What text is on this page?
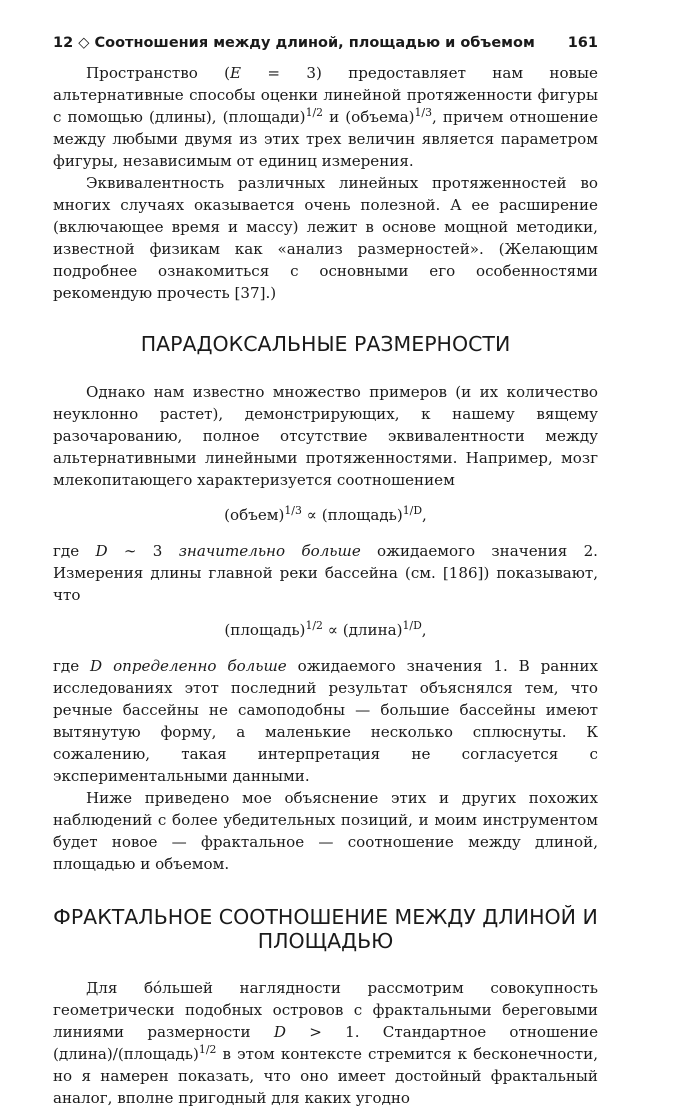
12 ◇ Соотношения между длиной, площадью и объемом 161

Пространство (E = 3) предоставляет нам новые альтернативные способы оценки линейной протяженности фигуры с помощью (длины), (площади)$^{1/2}$ и (объема)$^{1/3}$, причем отношение между любыми двумя из этих трех величин является параметром фигуры, независимым от единиц измерения.

Эквивалентность различных линейных протяженностей во многих случаях оказывается очень полезной. А ее расширение (включающее время и массу) лежит в основе мощной методики, известной физикам как «анализ размерностей». (Желающим подробнее ознакомиться с основными его особенностями рекомендую прочесть [37].)

ПАРАДОКСАЛЬНЫЕ РАЗМЕРНОСТИ

Однако нам известно множество примеров (и их количество неуклонно растет), демонстрирующих, к нашему вящему разочарованию, полное отсутствие эквивалентности между альтернативными линейными протяженностями. Например, мозг млекопитающего характеризуется соотношением

(объем)$^{1/3}$ ∝ (площадь)$^{1/D}$,

где D ∼ 3 значительно больше ожидаемого значения 2. Измерения длины главной реки бассейна (см. [186]) показывают, что

(площадь)$^{1/2}$ ∝ (длина)$^{1/D}$,

где D определенно больше ожидаемого значения 1. В ранних исследованиях этот последний результат объяснялся тем, что речные бассейны не самоподобны — большие бассейны имеют вытянутую форму, а маленькие несколько сплюснуты. К сожалению, такая интерпретация не согласуется с экспериментальными данными.

Ниже приведено мое объяснение этих и других похожих наблюдений с более убедительных позиций, и моим инструментом будет новое — фрактальное — соотношение между длиной, площадью и объемом.

ФРАКТАЛЬНОЕ СООТНОШЕНИЕ МЕЖДУ ДЛИНОЙ И ПЛОЩАДЬЮ

Для бóльшей наглядности рассмотрим совокупность геометрически подобных островов с фрактальными береговыми линиями размерности D > 1. Стандартное отношение (длина)/(площадь)$^{1/2}$ в этом контексте стремится к бесконечности, но я намерен показать, что оно имеет достойный фрактальный аналог, вполне пригодный для каких угодно
